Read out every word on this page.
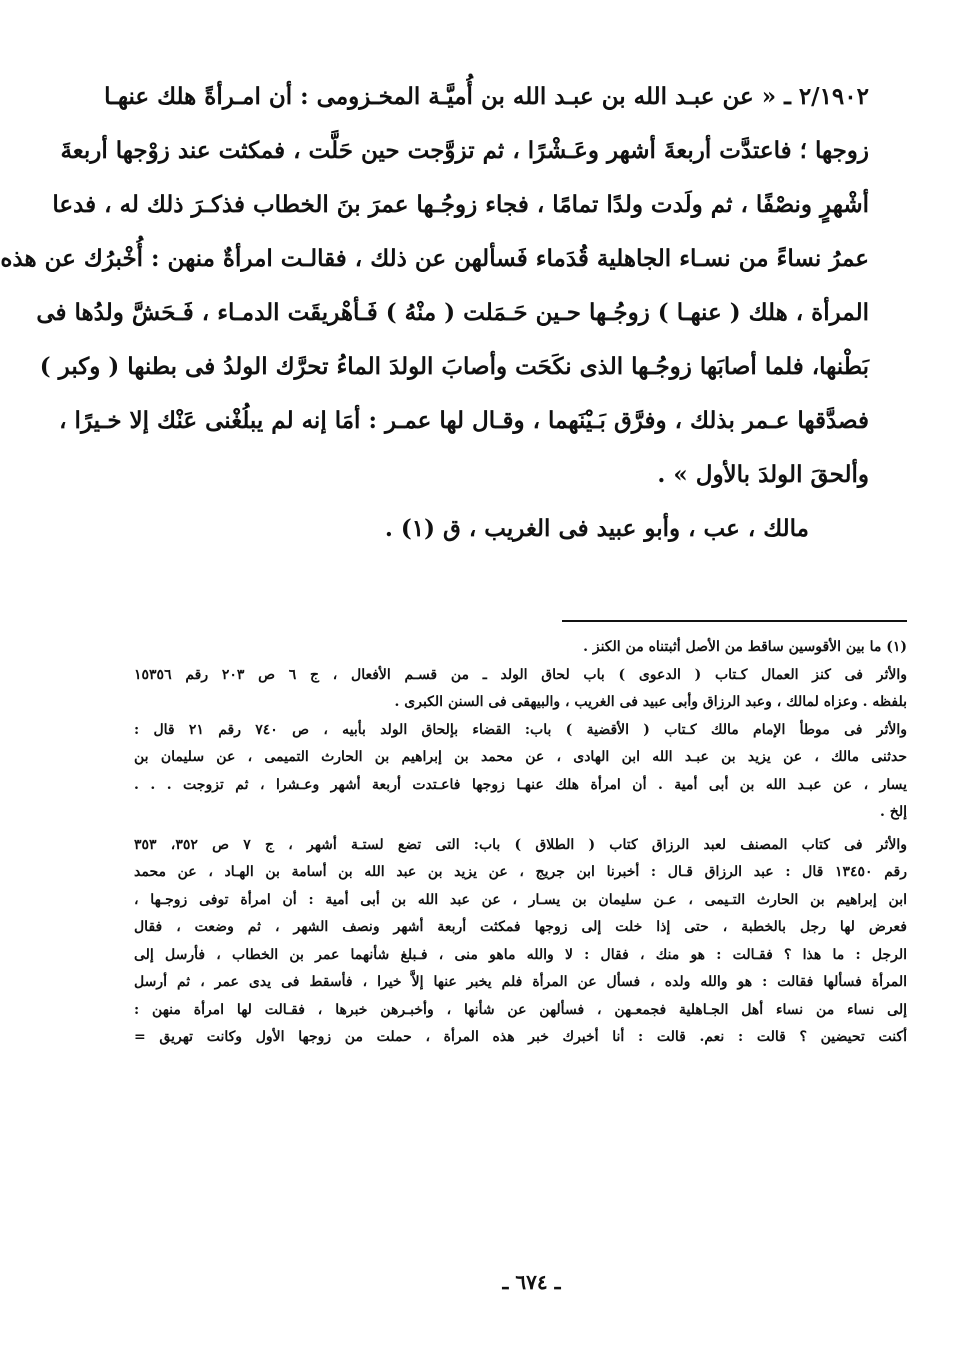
٢/١٩٠٢ ـ « عن عبـد الله بن عبـد الله بن أُميَّـة المخـزومى : أن امـرأةً هلك عنهـا
زوجها ؛ فاعتدَّت أربعةَ أشهر وعَـشْرًا ، ثم تزوَّجت حين حَلَّت ، فمكثت عند زوْجها أربعةَ
أشْهرٍ ونصْفًا ، ثم ولَدت ولدًا تمامًا ، فجاء زوجُـها عمرَ بنَ الخطاب فذكـرَ ذلك له ، فدعا
عمرُ نساءً من نسـاء الجاهلية قُدَماء فَسألهن عن ذلك ، فقالـت امرأةٌ منهن : أُخْبرُك عن هذه
المرأة ، هلك ( عنهـا ) زوجُـها حـين حَـمَلت ( منْهُ ) فَـأهْريقَت الدمـاء ، فَـحَشَّ ولدُها فى
بَطْنها، فلما أصابَها زوجُـها الذى نكَحَت وأصابَ الولدَ الماءُ تحرَّك الولدُ فى بطنها ( وكبر )
فصدَّقها عـمر بذلك ، وفرَّق بَـيْنَهما ، وقـال لها عمـر : أمَا إنه لم يبلُغْنى عَنْك إلا خـيرًا ،
وألحقَ الولدَ بالأول » .
مالك ، عب ، وأبو عبيد فى الغريب ، ق (١) .
(١) ما بين الأقوسين ساقط من الأصل أثبتناه من الكنز .
والأثر فى كنز العمال كـتاب ( الدعوى ) باب لحاق الولد ـ من قسـم الأفعال ، ج ٦ ص ٢٠٣ رقم ١٥٣٥٦
بلفظه . وعزاه لمالك ، وعبد الرزاق وأبى عبيد فى الغريب ، والبيهقى فى السنن الكبرى .
والأثر فى موطأ الإمام مالك كـتاب ( الأقضية ) باب: القضاء بإلحاق الولد بأبيه ، ص ٧٤٠ رقم ٢١ قال :
حدثنى مالك ، عن يزيد بن عبـد الله ابن الهادى ، عن محمد بن إبراهيم بن الحارث التميمى ، عن سليمان بن
يسار ، عن عبـد الله بن أبى أمية . أن امرأة هلك عنهـا زوجها فاعـتدت أربعة أشهر وعـشرا ، ثم تزوجت . . .
إلخ .
والأثر فى كتاب المصنف لعبد الرزاق كتاب ( الطلاق ) باب: التى تضع لستـة أشهر ، ج ٧ ص ٣٥٢، ٣٥٣
رقم ١٣٤٥٠ قال : عبد الرزاق قـال : أخبرنا ابن جريج ، عن يزيد بن عبد الله بن أسامة بن الهـاد ، عن محمد
ابن إبراهيم بن الحارث التـيمى ، عـن سليمان بن يسـار ، عن عبد الله بن أبى أمية : أن امرأة توفى زوجـها ،
فعرض لها رجل بالخطبة ، حتى إذا خلت إلى زوجها فمكثت أربعة أشهر ونصف الشهر ، ثم وضعت ، فقال
الرجل : ما هذا ؟ فقـالت : هو منك ، فقال : لا والله ماهو منى ، فـبلغ شأنهما عمر بن الخطاب ، فأرسل إلى
المرأة فسألها فقالت : هو والله ولده ، فسأل عن المرأة فلم يخبر عنها إلاَّ خيرا ، فأسقط فى يدى عمر ، ثم أرسل
إلى نساء من نساء أهل الجـاهلية فجمعـهن ، فسألهن عن شأنها ، وأخبـرهن خبرها ، فقـالت لها امرأة منهن :
أكنت تحيضين ؟ قالت : نعم. قالت : أنا أخبرك خبر هذه المرأة ، حملت من زوجها الأول وكانت تهريق =
ـ ٦٧٤ ـ
